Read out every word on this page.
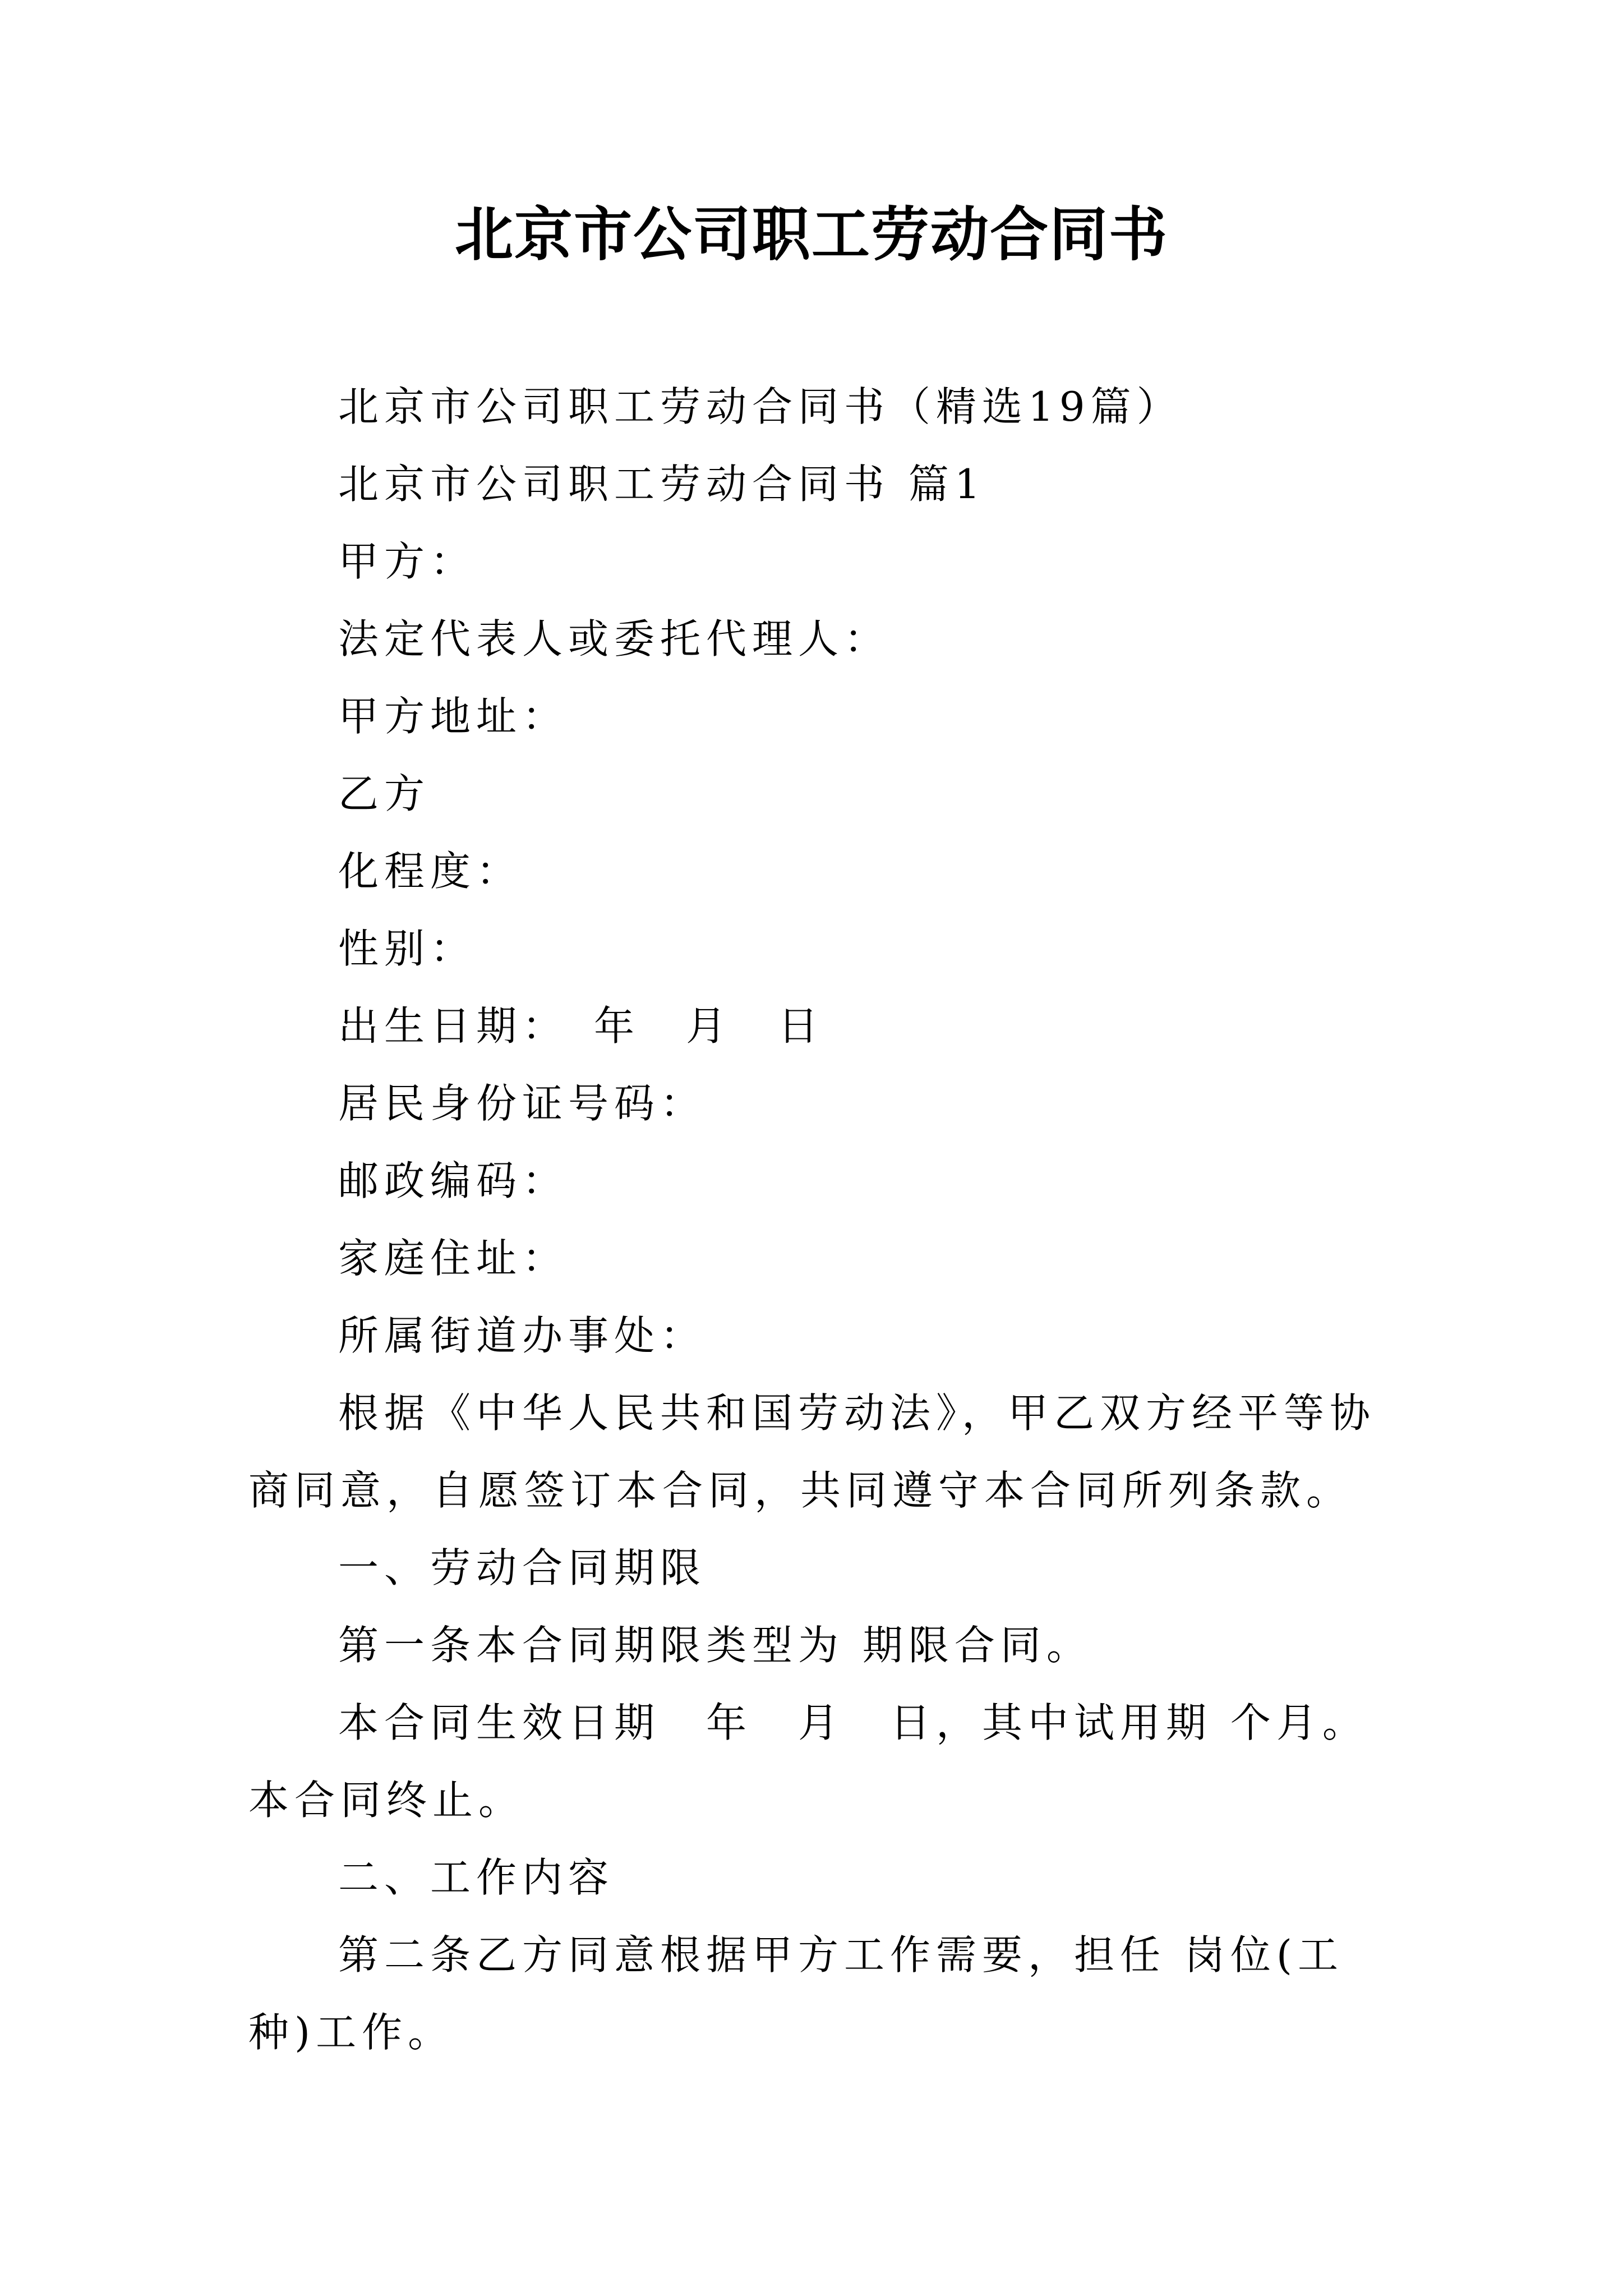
北京市公司职工劳动合同书

北京市公司职工劳动合同书（精选19篇）

北京市公司职工劳动合同书 篇1

甲方：

法定代表人或委托代理人：

甲方地址：

乙方

化程度：

性别：

出生日期：　年　月　日

居民身份证号码：

邮政编码：

家庭住址：

所属街道办事处：

根据《中华人民共和国劳动法》，甲乙双方经平等协商同意，自愿签订本合同，共同遵守本合同所列条款。

一、劳动合同期限

第一条本合同期限类型为 期限合同。

本合同生效日期　年　月　日，其中试用期 个月。本合同终止。

二、工作内容

第二条乙方同意根据甲方工作需要，担任 岗位(工种)工作。
